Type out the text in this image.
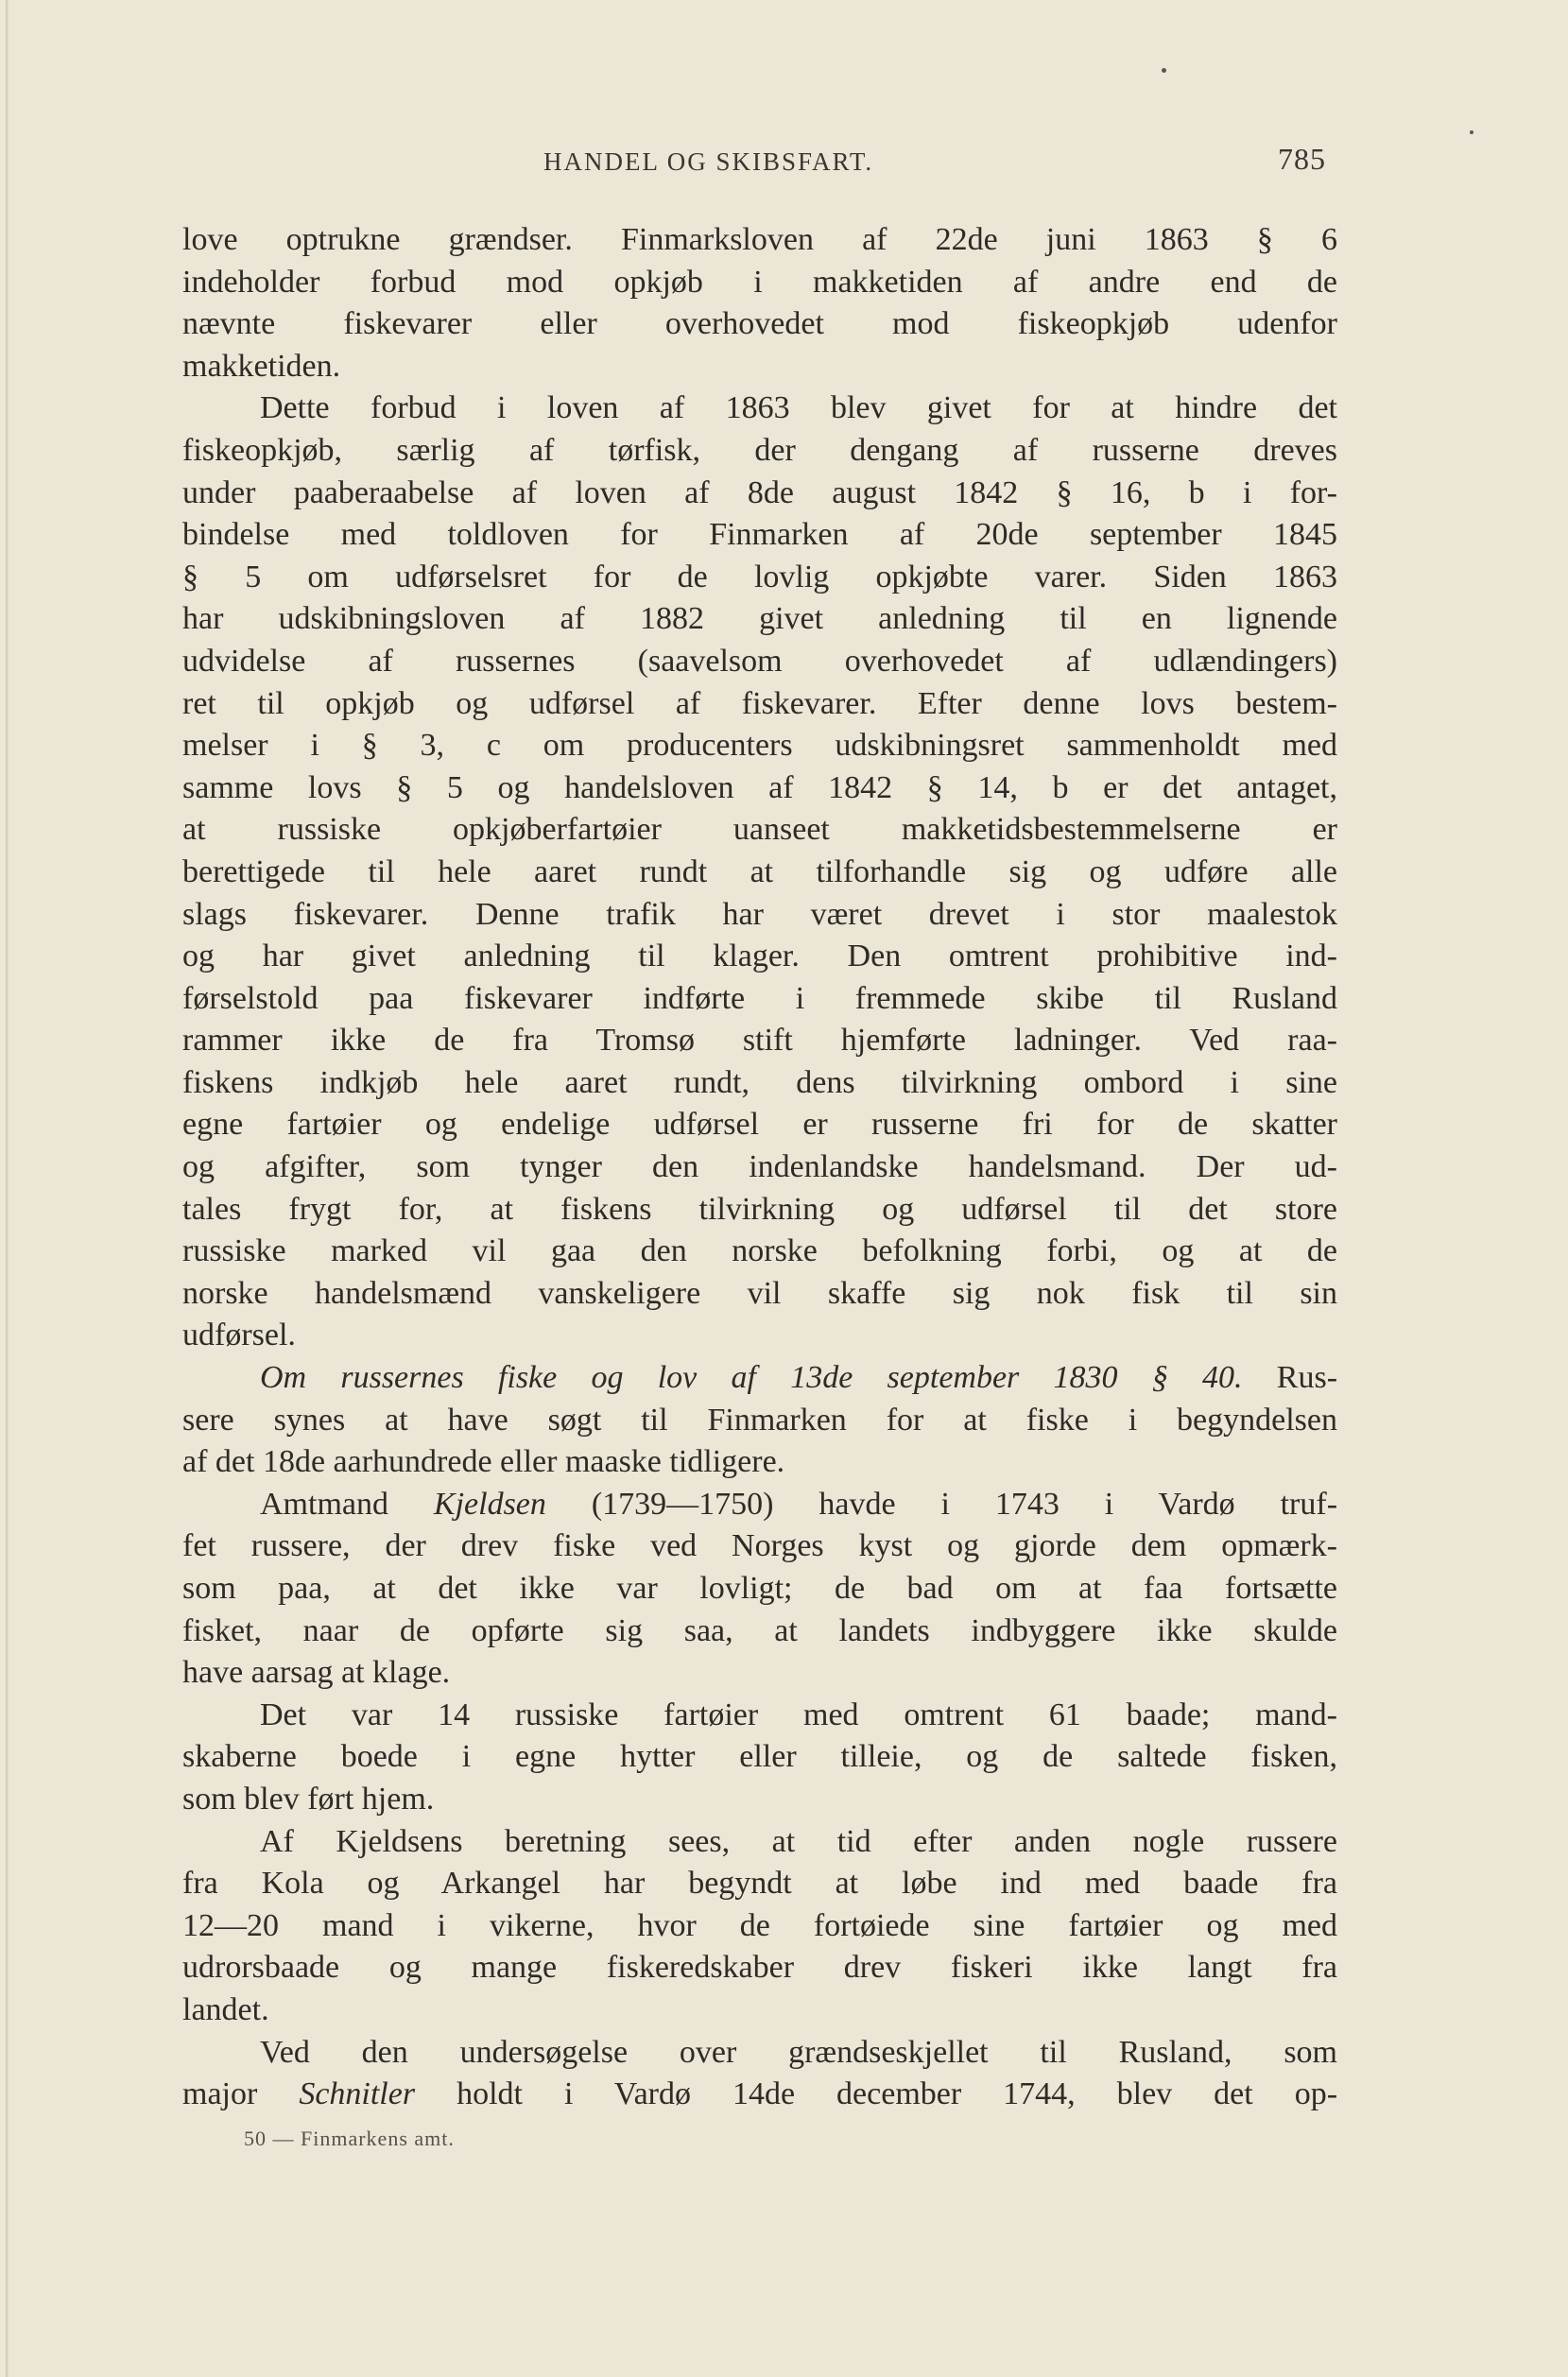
HANDEL OG SKIBSFART.	785
love optrukne grændser. Finmarksloven af 22de juni 1863 § 6
indeholder forbud mod opkjøb i makketiden af andre end de
nævnte fiskevarer eller overhovedet mod fiskeopkjøb udenfor
makketiden.
Dette forbud i loven af 1863 blev givet for at hindre det
fiskeopkjøb, særlig af tørfisk, der dengang af russerne dreves
under paaberaabelse af loven af 8de august 1842 § 16, b i for-
bindelse med toldloven for Finmarken af 20de september 1845
§ 5 om udførselsret for de lovlig opkjøbte varer. Siden 1863
har udskibningsloven af 1882 givet anledning til en lignende
udvidelse af russernes (saavelsom overhovedet af udlændingers)
ret til opkjøb og udførsel af fiskevarer. Efter denne lovs bestem-
melser i § 3, c om producenters udskibningsret sammenholdt med
samme lovs § 5 og handelsloven af 1842 § 14, b er det antaget,
at russiske opkjøberfartøier uanseet makketidsbestemmelserne er
berettigede til hele aaret rundt at tilforhandle sig og udføre alle
slags fiskevarer. Denne trafik har været drevet i stor maalestok
og har givet anledning til klager. Den omtrent prohibitive ind-
førselstold paa fiskevarer indførte i fremmede skibe til Rusland
rammer ikke de fra Tromsø stift hjemførte ladninger. Ved raa-
fiskens indkjøb hele aaret rundt, dens tilvirkning ombord i sine
egne fartøier og endelige udførsel er russerne fri for de skatter
og afgifter, som tynger den indenlandske handelsmand. Der ud-
tales frygt for, at fiskens tilvirkning og udførsel til det store
russiske marked vil gaa den norske befolkning forbi, og at de
norske handelsmænd vanskeligere vil skaffe sig nok fisk til sin
udførsel.
Om russernes fiske og lov af 13de september 1830 § 40. Rus-
sere synes at have søgt til Finmarken for at fiske i begyndelsen
af det 18de aarhundrede eller maaske tidligere.
Amtmand Kjeldsen (1739—1750) havde i 1743 i Vardø truf-
fet russere, der drev fiske ved Norges kyst og gjorde dem opmærk-
som paa, at det ikke var lovligt; de bad om at faa fortsætte
fisket, naar de opførte sig saa, at landets indbyggere ikke skulde
have aarsag at klage.
Det var 14 russiske fartøier med omtrent 61 baade; mand-
skaberne boede i egne hytter eller tilleie, og de saltede fisken,
som blev ført hjem.
Af Kjeldsens beretning sees, at tid efter anden nogle russere
fra Kola og Arkangel har begyndt at løbe ind med baade fra
12—20 mand i vikerne, hvor de fortøiede sine fartøier og med
udrorsbaade og mange fiskeredskaber drev fiskeri ikke langt fra
landet.
Ved den undersøgelse over grændseskjellet til Rusland, som
major Schnitler holdt i Vardø 14de december 1744, blev det op-
50 — Finmarkens amt.
